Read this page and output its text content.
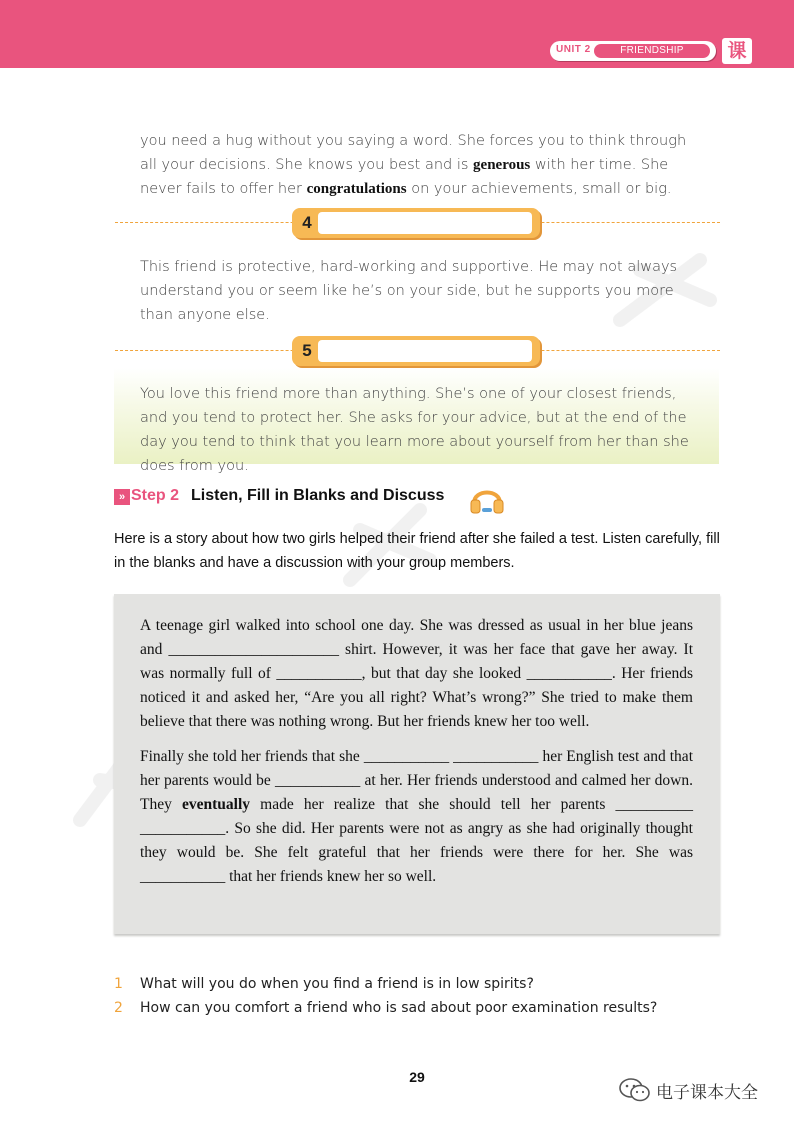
UNIT 2	FRIENDSHIP	课
you need a hug without you saying a word. She forces you to think through all your decisions. She knows you best and is generous with her time. She never fails to offer her congratulations on your achievements, small or big.
4
This friend is protective, hard-working and supportive. He may not always understand you or seem like he’s on your side, but he supports you more than anyone else.
5
You love this friend more than anything. She’s one of your closest friends, and you tend to protect her. She asks for your advice, but at the end of the day you tend to think that you learn more about yourself from her than she does from you.
» Step 2 Listen, Fill in Blanks and Discuss
Here is a story about how two girls helped their friend after she failed a test. Listen carefully, fill in the blanks and have a discussion with your group members.
A teenage girl walked into school one day. She was dressed as usual in her blue jeans and ______________________ shirt. However, it was her face that gave her away. It was normally full of ___________, but that day she looked ___________. Her friends noticed it and asked her, “Are you all right? What’s wrong?” She tried to make them believe that there was nothing wrong. But her friends knew her too well.
Finally she told her friends that she ___________ ___________ her English test and that her parents would be ___________ at her. Her friends understood and calmed her down. They eventually made her realize that she should tell her parents __________ ___________. So she did. Her parents were not as angry as she had originally thought they would be. She felt grateful that her friends were there for her. She was ___________ that her friends knew her so well.
1	What will you do when you find a friend is in low spirits?
2	How can you comfort a friend who is sad about poor examination results?
29
电子课本大全
